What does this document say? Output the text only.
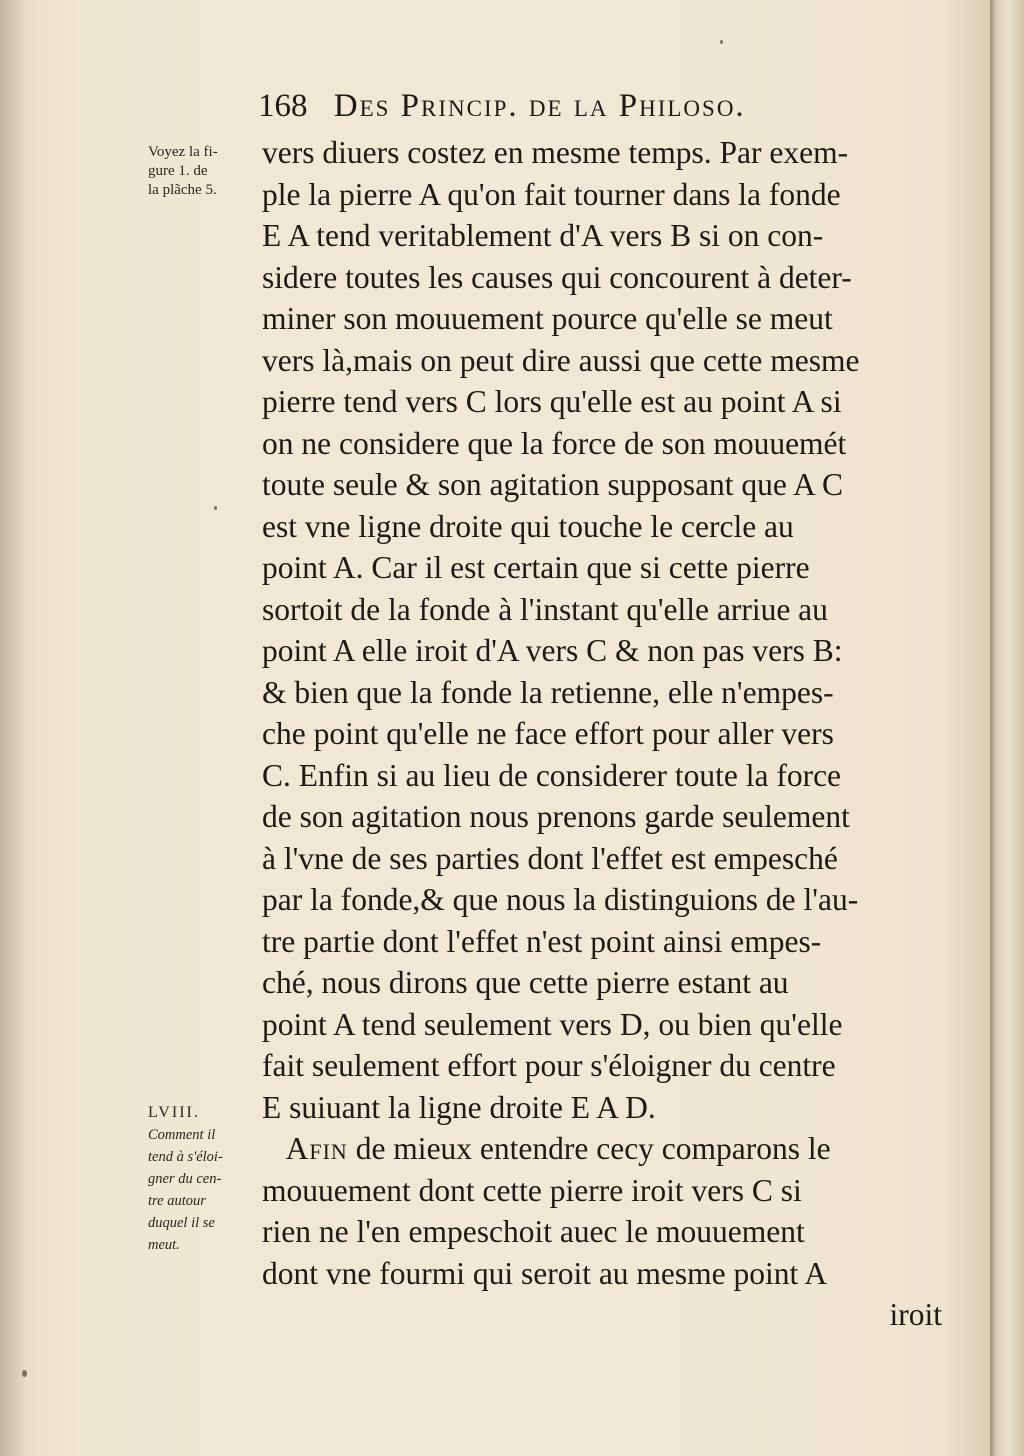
168 Des Princip. de la Philoso.
Voyez la fi-
gure 1. de
la plãche 5.
vers diuers costez en mesme temps. Par exem-
ple la pierre A qu'on fait tourner dans la fonde
E A tend veritablement d'A vers B si on con-
sidere toutes les causes qui concourent à deter-
miner son mouuement pource qu'elle se meut
vers là,mais on peut dire aussi que cette mesme
pierre tend vers C lors qu'elle est au point A si
on ne considere que la force de son mouuemét
toute seule & son agitation supposant que A C
est vne ligne droite qui touche le cercle au
point A. Car il est certain que si cette pierre
sortoit de la fonde à l'instant qu'elle arriue au
point A elle iroit d'A vers C & non pas vers B:
& bien que la fonde la retienne, elle n'empes-
che point qu'elle ne face effort pour aller vers
C. Enfin si au lieu de considerer toute la force
de son agitation nous prenons garde seulement
à l'vne de ses parties dont l'effet est empesché
par la fonde,& que nous la distinguions de l'au-
tre partie dont l'effet n'est point ainsi empes-
ché, nous dirons que cette pierre estant au
point A tend seulement vers D, ou bien qu'elle
fait seulement effort pour s'éloigner du centre
E suiuant la ligne droite E A D.
Afin de mieux entendre cecy comparons le
mouuement dont cette pierre iroit vers C si
rien ne l'en empeschoit auec le mouuement
dont vne fourmi qui seroit au mesme point A
iroit
LVIII.
Comment il
tend à s'éloi-
gner du cen-
tre autour
duquel il se
meut.
